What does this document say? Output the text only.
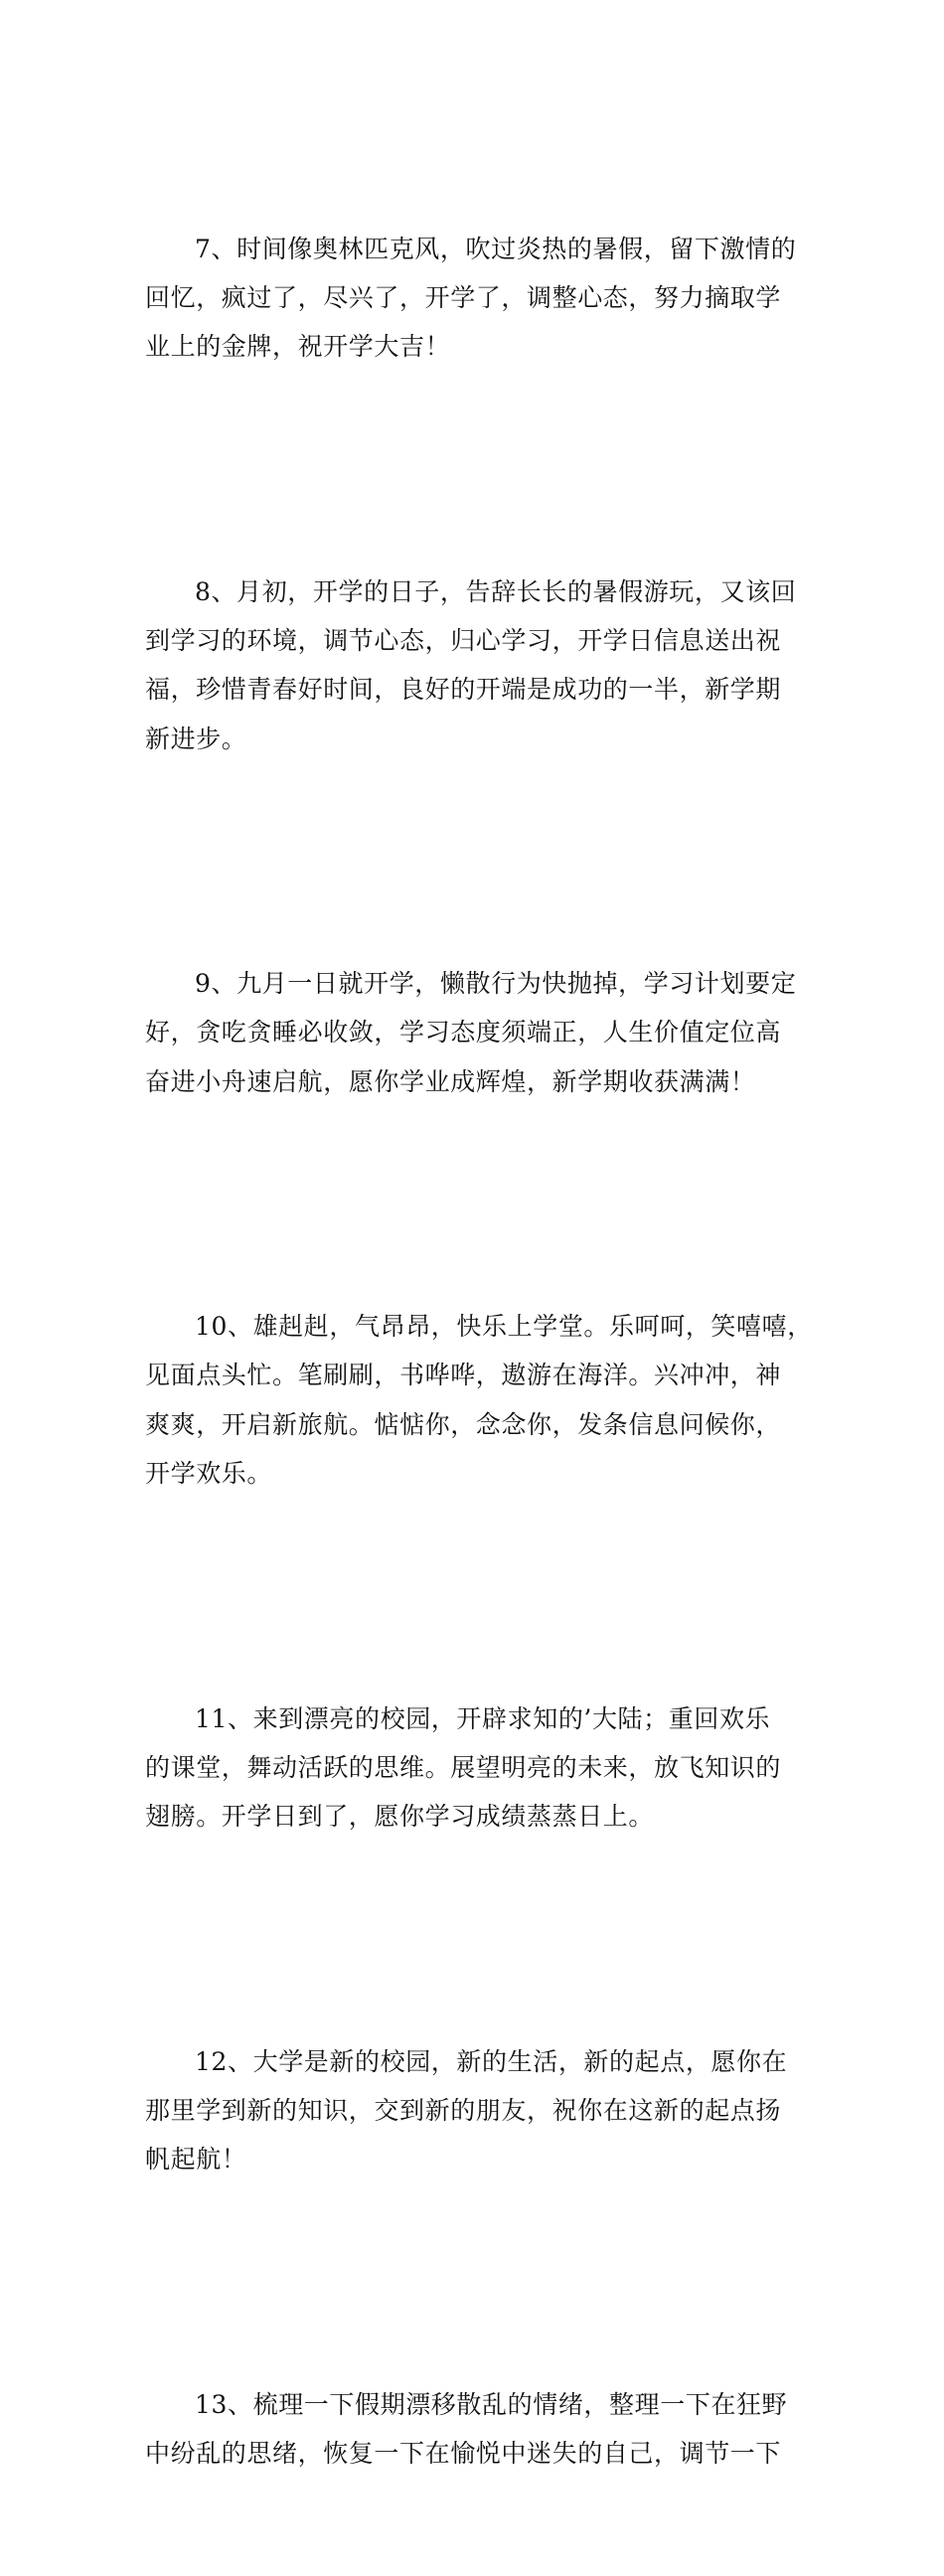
7、时间像奥林匹克风，吹过炎热的暑假，留下激情的
回忆，疯过了，尽兴了，开学了，调整心态，努力摘取学
业上的金牌，祝开学大吉！

8、月初，开学的日子，告辞长长的暑假游玩，又该回
到学习的环境，调节心态，归心学习，开学日信息送出祝
福，珍惜青春好时间，良好的开端是成功的一半，新学期
新进步。

9、九月一日就开学，懒散行为快抛掉，学习计划要定
好，贪吃贪睡必收敛，学习态度须端正，人生价值定位高
奋进小舟速启航，愿你学业成辉煌，新学期收获满满！

10、雄赳赳，气昂昂，快乐上学堂。乐呵呵，笑嘻嘻，
见面点头忙。笔刷刷，书哗哗，遨游在海洋。兴冲冲，神
爽爽，开启新旅航。惦惦你，念念你，发条信息问候你，
开学欢乐。

11、来到漂亮的校园，开辟求知的’大陆；重回欢乐
的课堂，舞动活跃的思维。展望明亮的未来，放飞知识的
翅膀。开学日到了，愿你学习成绩蒸蒸日上。

12、大学是新的校园，新的生活，新的起点，愿你在
那里学到新的知识，交到新的朋友，祝你在这新的起点扬
帆起航！

13、梳理一下假期漂移散乱的情绪，整理一下在狂野
中纷乱的思绪，恢复一下在愉悦中迷失的自己，调节一下
